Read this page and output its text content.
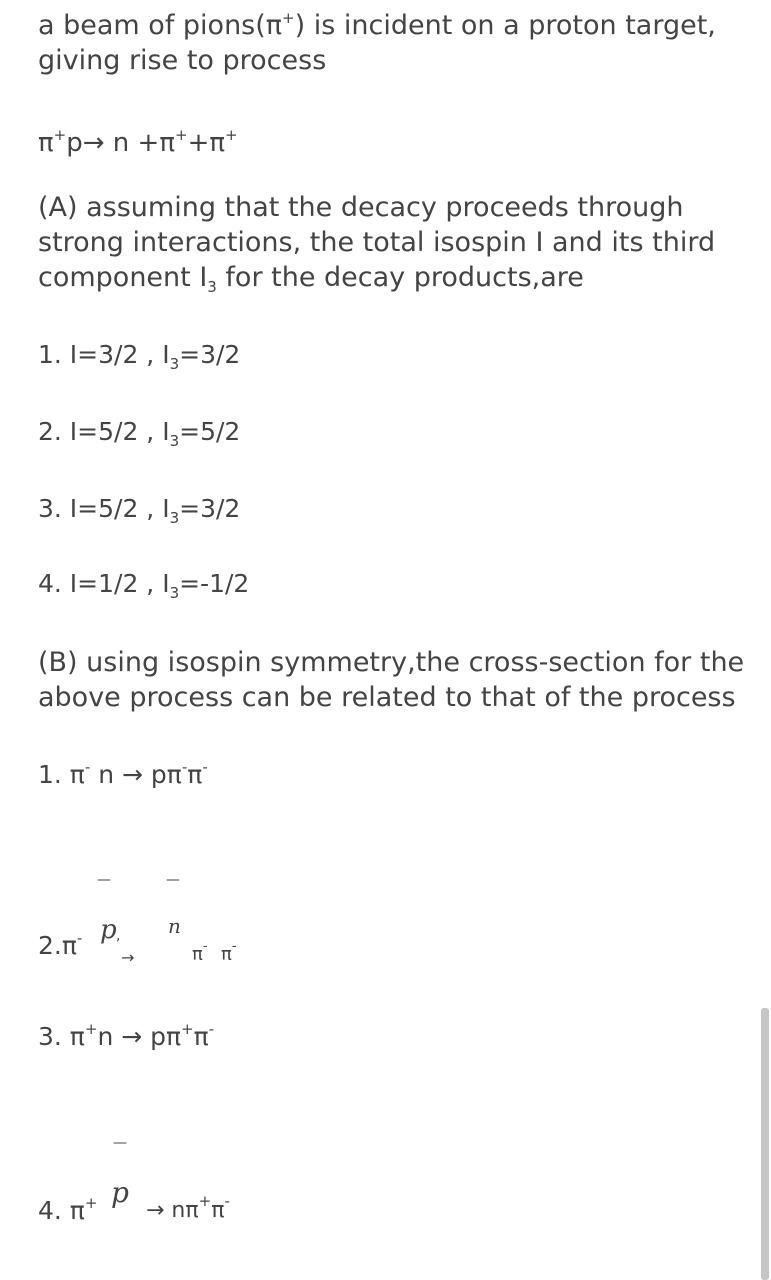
a beam of pions(π+) is incident on a proton target,
giving rise to process
π+p→ n +π++π+
(A) assuming that the decacy proceeds through
strong interactions, the total isospin I and its third
component $I_3$ for the decay products,are
1. I=3/2 , $I_3=3/2$
2. I=5/2 , $I_3=5/2$
3. I=5/2 , $I_3=3/2$
4. I=1/2 , $I_3=-1/2$
(B) using isospin symmetry,the cross-section for the
above process can be related to that of the process
1. π- n → pπ-π-
—	—
2.π- p , n
→	π- π-
3. π+n → pπ+π-
—
4. π+ p
→ nπ+π-
